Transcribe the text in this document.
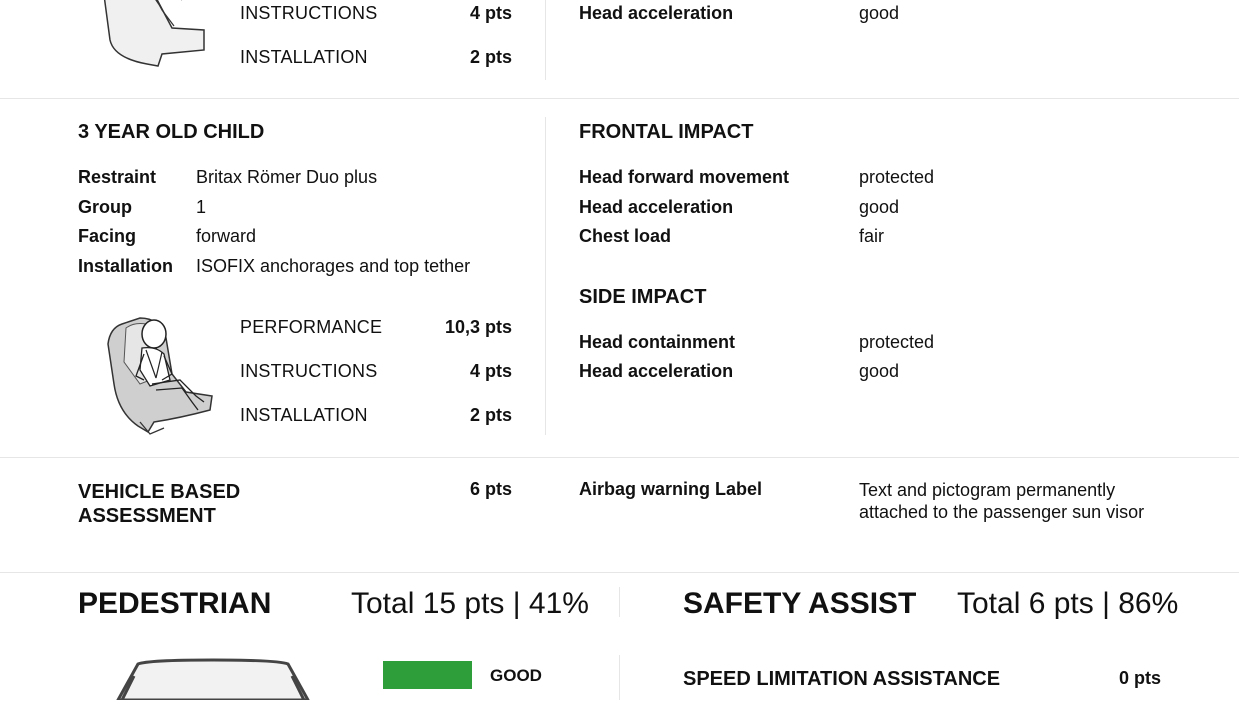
INSTRUCTIONS	4 pts
INSTALLATION	2 pts
Head acceleration	good
3 YEAR OLD CHILD
Restraint Britax Römer Duo plus
Group	1
Facing	forward
Installation ISOFIX anchorages and top tether
PERFORMANCE	10,3 pts
INSTRUCTIONS	4 pts
INSTALLATION	2 pts
FRONTAL IMPACT
Head forward movement	protected
Head acceleration	good
Chest load	fair
SIDE IMPACT
Head containment	protected
Head acceleration	good
VEHICLE BASED
ASSESSMENT
6 pts	Airbag warning Label	Text and pictogram permanently
attached to the passenger sun visor
PEDESTRIAN	Total 15 pts | 41%
GOOD
SAFETY ASSIST Total 6 pts | 86%
SPEED LIMITATION ASSISTANCE	0 pts
